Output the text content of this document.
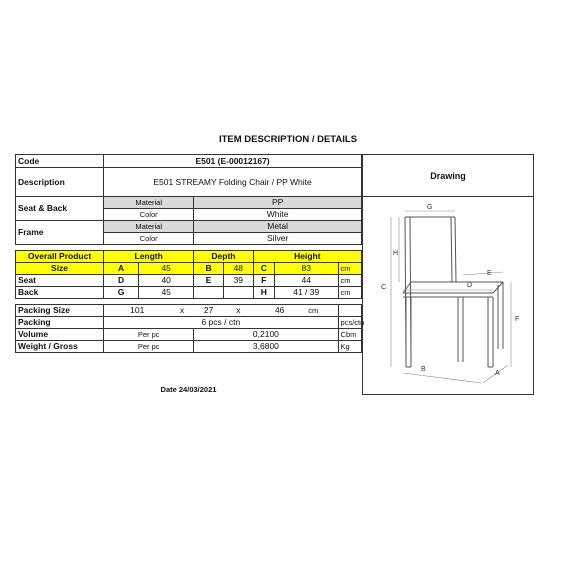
ITEM DESCRIPTION / DETAILS
Code	E501 (E-00012167)								
Description	E501 STREAMY Folding Chair / PP White								
Seat & Back	Material			PP					
	Color			White					
Frame	Material			Metal					
	Color			Silver					

Overall Product	Length			Depth		Height			
Size	A	45		B	48	C	83		cm
Seat	D	40		E	39	F	44		cm
Back	G	45				H	41 / 39		cm

Packing Size	101		x	27	x	46		cm	
Packing	6 pcs / ctn								pcs/ctn
Volume	Per pc			0,2100					Cbm
Weight / Gross	Per pc			3,6800					Kg
Date 24/03/2021
Drawing
G
H
C
E
D
F
B
A
